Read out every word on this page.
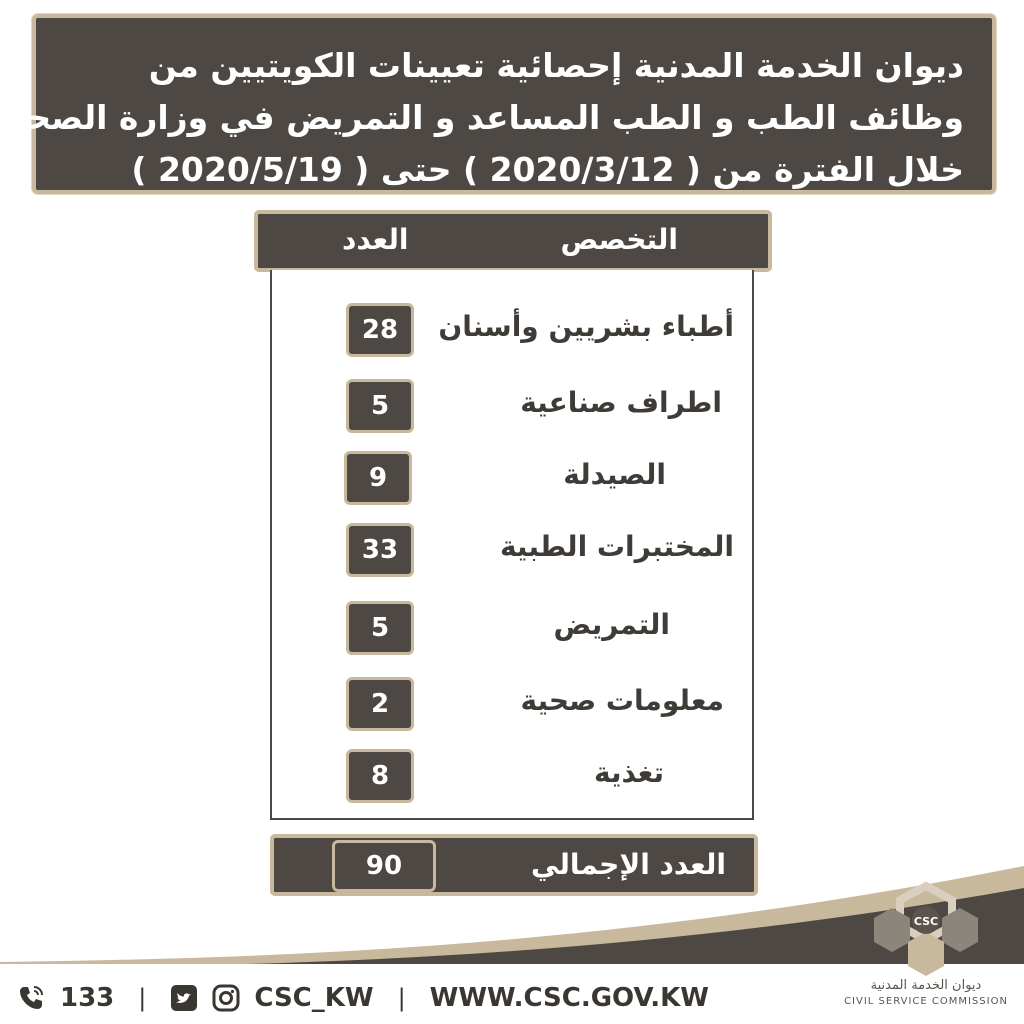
ديوان الخدمة المدنية إحصائية تعيينات الكويتيين من
وظائف الطب و الطب المساعد و التمريض في وزارة الصحة
خلال الفترة من ( 2020/3/12 ) حتى ( 2020/5/19 )
التخصص
العدد
أطباء بشريين وأسنان
28
اطراف صناعية
5
الصيدلة
9
المختبرات الطبية
33
التمريض
5
معلومات صحية
2
تغذية
8
90	العدد الإجمالي
133 |	CSC_KW | WWW.CSC.GOV.KW
CSC
ديوان الخدمة المدنية
CIVIL SERVICE COMMISSION
